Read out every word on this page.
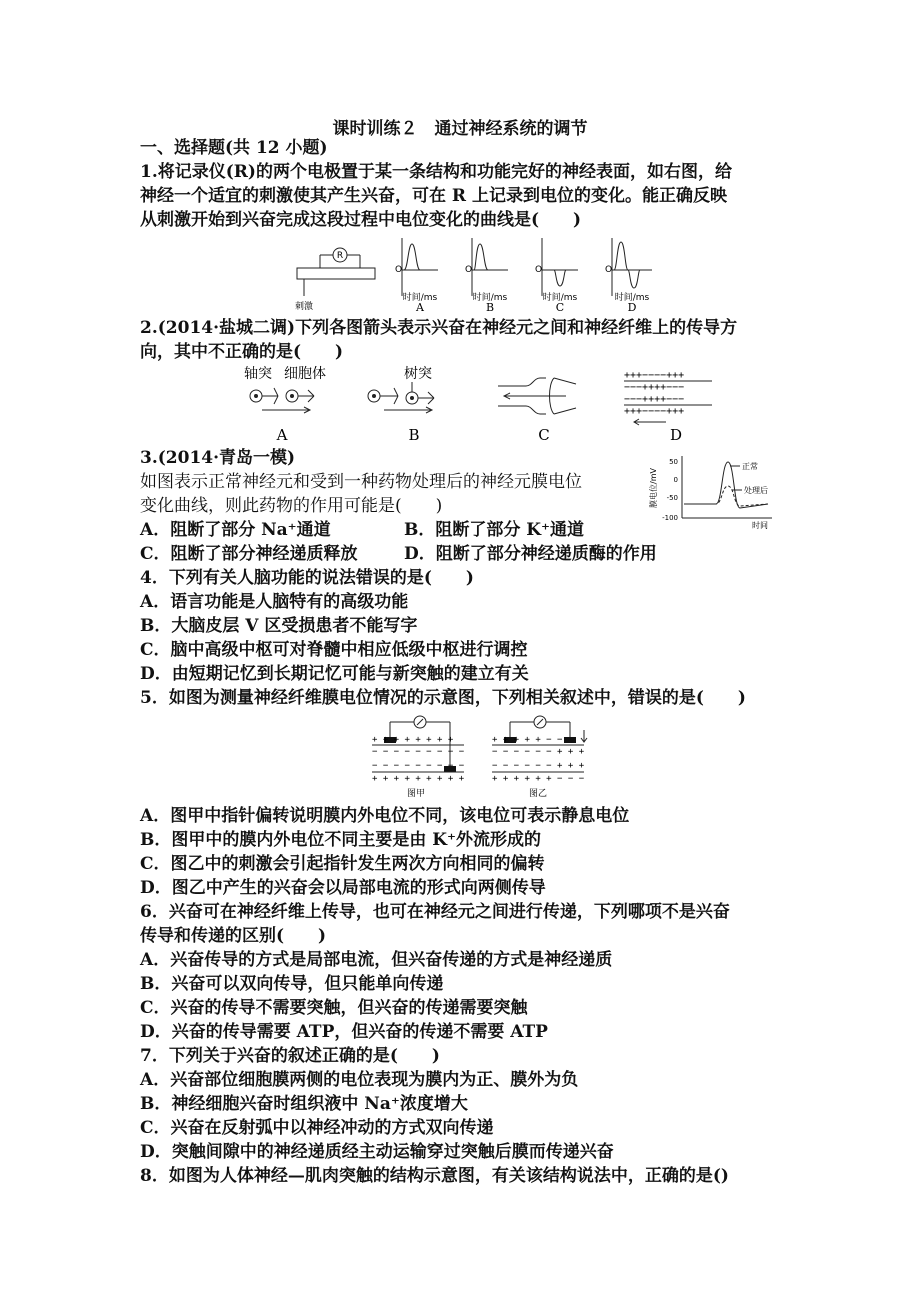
课时训练２　通过神经系统的调节
一、选择题(共 12 小题)
1.将记录仪(R)的两个电极置于某一条结构和功能完好的神经表面，如右图，给
神经一个适宜的刺激使其产生兴奋，可在 R 上记录到电位的变化。能正确反映
从刺激开始到兴奋完成这段过程中电位变化的曲线是(　　)
R
刺激
O
时间/ms
A
O
时间/ms
B
O
时间/ms
C
O
时间/ms
D
2.(2014·盐城二调)下列各图箭头表示兴奋在神经元之间和神经纤维上的传导方
向，其中不正确的是(　　)
轴突 细胞体
A
树突
B	C
+++−−−−+++
−−−++++−−−
−−−++++−−−
+++−−−−+++
D
3.(2014·青岛一模)
如图表示正常神经元和受到一种药物处理后的神经元膜电位
变化曲线，则此药物的作用可能是(　　)
A．阻断了部分 Na⁺通道	B．阻断了部分 K⁺通道
C．阻断了部分神经递质释放	D．阻断了部分神经递质酶的作用
膜电位/mV
50
0
-50
-100
正常
处理后
时间
4．下列有关人脑功能的说法错误的是(　　)
A．语言功能是人脑特有的高级功能
B．大脑皮层 V 区受损患者不能写字
C．脑中高级中枢可对脊髓中相应低级中枢进行调控
D．由短期记忆到长期记忆可能与新突触的建立有关
5．如图为测量神经纤维膜电位情况的示意图，下列相关叙述中，错误的是(　　)
+ + + + + + + +
− − − − − − − − −
− − − − − − − − −
+ + + + + + + + +
图甲
+ + + + + − −
− − − − − − + + +
− − − − − − + + +
+ + + + + + − − −
图乙
A．图甲中指针偏转说明膜内外电位不同，该电位可表示静息电位
B．图甲中的膜内外电位不同主要是由 K⁺外流形成的
C．图乙中的刺激会引起指针发生两次方向相同的偏转
D．图乙中产生的兴奋会以局部电流的形式向两侧传导
6．兴奋可在神经纤维上传导，也可在神经元之间进行传递，下列哪项不是兴奋
传导和传递的区别(　　)
A．兴奋传导的方式是局部电流，但兴奋传递的方式是神经递质
B．兴奋可以双向传导，但只能单向传递
C．兴奋的传导不需要突触，但兴奋的传递需要突触
D．兴奋的传导需要 ATP，但兴奋的传递不需要 ATP
7．下列关于兴奋的叙述正确的是(　　)
A．兴奋部位细胞膜两侧的电位表现为膜内为正、膜外为负
B．神经细胞兴奋时组织液中 Na⁺浓度增大
C．兴奋在反射弧中以神经冲动的方式双向传递
D．突触间隙中的神经递质经主动运输穿过突触后膜而传递兴奋
8．如图为人体神经—肌肉突触的结构示意图，有关该结构说法中，正确的是()
